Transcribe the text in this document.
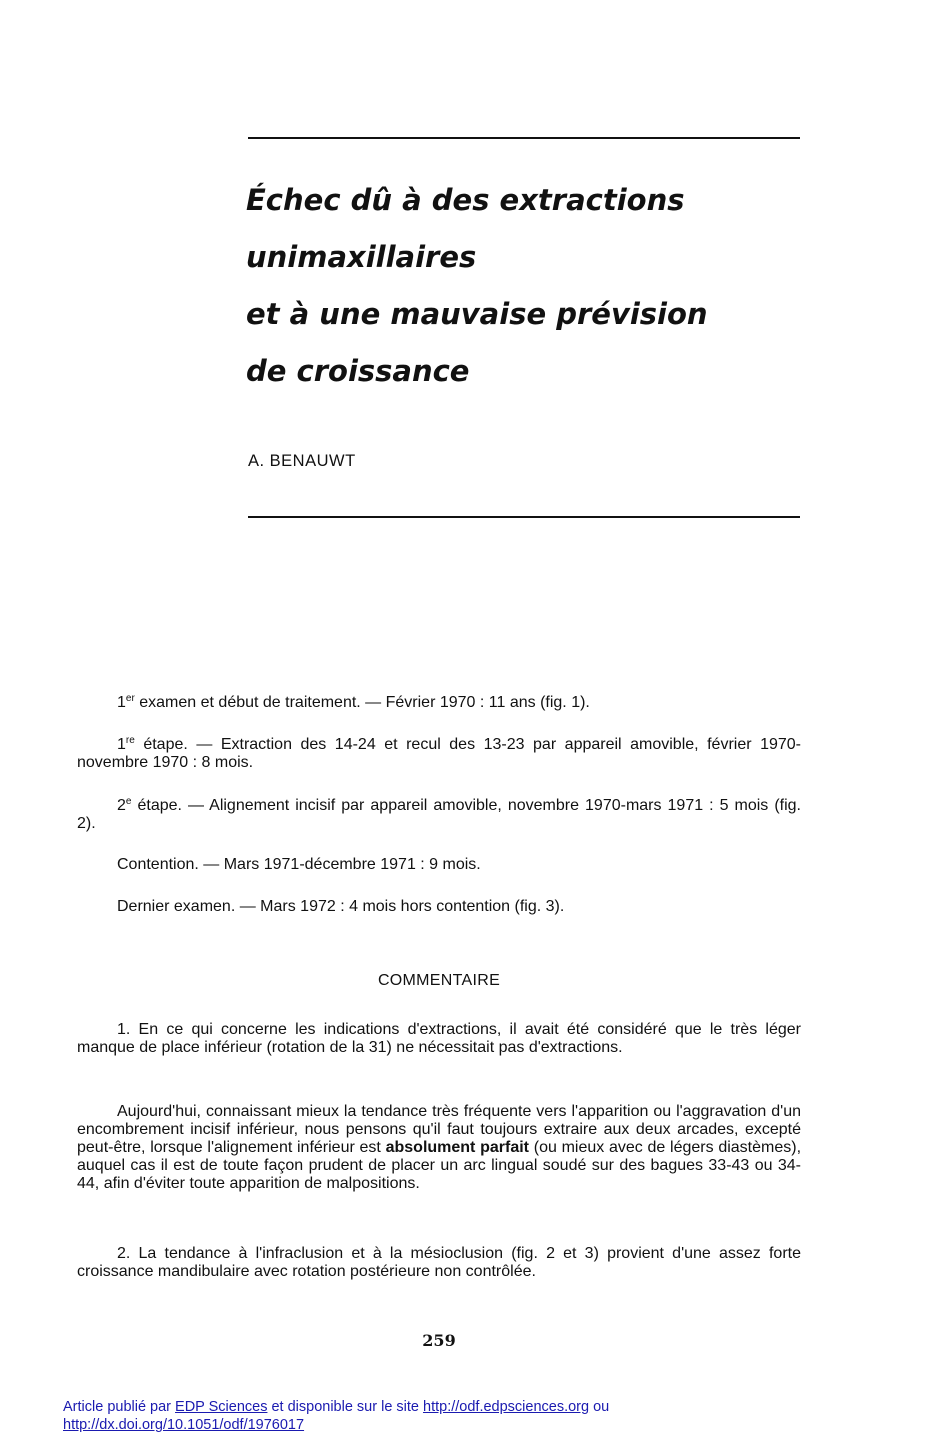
Échec dû à des extractions
unimaxillaires
et à une mauvaise prévision
de croissance

A. BENAUWT

1er examen et début de traitement. — Février 1970 : 11 ans (fig. 1).

1re étape. — Extraction des 14-24 et recul des 13-23 par appareil amovible, février 1970-novembre 1970 : 8 mois.

2e étape. — Alignement incisif par appareil amovible, novembre 1970-mars 1971 : 5 mois (fig. 2).

Contention. — Mars 1971-décembre 1971 : 9 mois.

Dernier examen. — Mars 1972 : 4 mois hors contention (fig. 3).

COMMENTAIRE

1. En ce qui concerne les indications d'extractions, il avait été considéré que le très léger manque de place inférieur (rotation de la 31) ne nécessitait pas d'extractions.

Aujourd'hui, connaissant mieux la tendance très fréquente vers l'apparition ou l'aggravation d'un encombrement incisif inférieur, nous pensons qu'il faut toujours extraire aux deux arcades, excepté peut-être, lorsque l'alignement inférieur est absolument parfait (ou mieux avec de légers diastèmes), auquel cas il est de toute façon prudent de placer un arc lingual soudé sur des bagues 33-43 ou 34-44, afin d'éviter toute apparition de malpositions.

2. La tendance à l'infraclusion et à la mésioclusion (fig. 2 et 3) provient d'une assez forte croissance mandibulaire avec rotation postérieure non contrôlée.

259

Article publié par EDP Sciences et disponible sur le site http://odf.edpsciences.org ou
http://dx.doi.org/10.1051/odf/1976017
